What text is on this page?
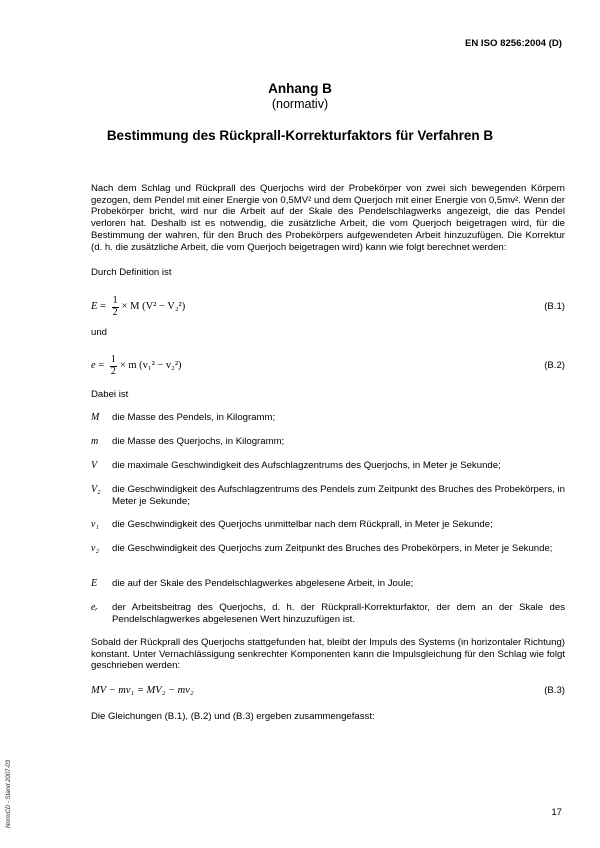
EN ISO 8256:2004 (D)
Anhang B
(normativ)
Bestimmung des Rückprall-Korrekturfaktors für Verfahren B
Nach dem Schlag und Rückprall des Querjochs wird der Probekörper von zwei sich bewegenden Körpern gezogen, dem Pendel mit einer Energie von 0,5MV² und dem Querjoch mit einer Energie von 0,5mv². Wenn der Probekörper bricht, wird nur die Arbeit auf der Skale des Pendelschlagwerks angezeigt, die das Pendel verloren hat. Deshalb ist es notwendig, die zusätzliche Arbeit, die vom Querjoch beigetragen wird, für die Bestimmung der wahren, für den Bruch des Probekörpers aufgewendeten Arbeit hinzuzufügen. Die Korrektur (d. h. die zusätzliche Arbeit, die vom Querjoch beigetragen wird) kann wie folgt berechnet werden:
Durch Definition ist
$E = \frac{1}{2} \times M$ (V² − V₂²)	(B.1)
und
$e = \frac{1}{2} \times m$ (v₁² − v₂²)	(B.2)
Dabei ist
M	die Masse des Pendels, in Kilogramm;
m	die Masse des Querjochs, in Kilogramm;
V	die maximale Geschwindigkeit des Aufschlagzentrums des Querjochs, in Meter je Sekunde;
V₂	die Geschwindigkeit des Aufschlagzentrums des Pendels zum Zeitpunkt des Bruches des Probekörpers, in Meter je Sekunde;
v₁	die Geschwindigkeit des Querjochs unmittelbar nach dem Rückprall, in Meter je Sekunde;
v₂	die Geschwindigkeit des Querjochs zum Zeitpunkt des Bruches des Probekörpers, in Meter je Sekunde;
E	die auf der Skale des Pendelschlagwerkes abgelesene Arbeit, in Joule;
eᵣ	der Arbeitsbeitrag des Querjochs, d. h. der Rückprall-Korrekturfaktor, der dem an der Skale des Pendelschlagwerkes abgelesenen Wert hinzuzufügen ist.
Sobald der Rückprall des Querjochs stattgefunden hat, bleibt der Impuls des Systems (in horizontaler Richtung) konstant. Unter Vernachlässigung senkrechter Komponenten kann die Impulsgleichung für den Schlag wie folgt geschrieben werden:
MV − mv₁ = MV₂ − mv₂	(B.3)
Die Gleichungen (B.1), (B.2) und (B.3) ergeben zusammengefasst:
NormCD - Stand 2007-03	17
